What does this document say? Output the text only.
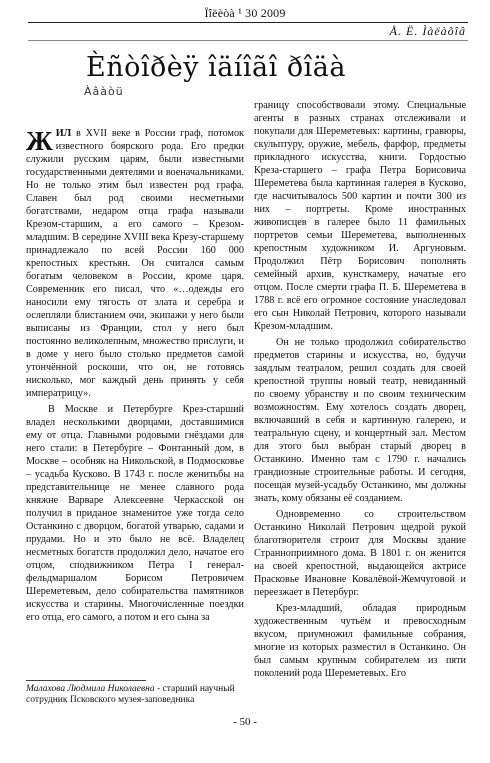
Ïîëèòà ¹ 30 2009
Å. Ë. Ìàëàõîâ
Èñòîðèÿ îäíîãî ðîäà
Àâàòü

ЖИЛ в XVII веке в России граф, потомок известного боярского рода. Его предки служили русским царям, были известными государственными деятелями и военачальниками. Но не только этим был известен род графа. Славен был род своими несметными богатствами, недаром отца графа называли Крезом-старшим, а его самого – Крезом-младшим. В середине XVIII века Крезу-старшему принадлежало по всей России 160 000 крепостных крестьян. Он считался самым богатым человеком в России, кроме царя. Современник его писал, что «…одежды его наносили ему тягость от злата и серебра и ослепляли блистанием очи, экипажи у него были выписаны из Франции, стол у него был постоянно великолепным, множество прислуги, и в доме у него было столько предметов самой утончённой роскоши, что он, не готовясь нисколько, мог каждый день принять у себя императрицу».

В Москве и Петербурге Крез-старший владел несколькими дворцами, доставшимися ему от отца. Главными родовыми гнёздами для него стали: в Петербурге – Фонтанный дом, в Москве – особняк на Никольской, в Подмосковье – усадьба Кусково. В 1743 г. после женитьбы на представительнице не менее славного рода княжне Варваре Алексеевне Черкасской он получил в приданое знаменитое уже тогда село Останкино с дворцом, богатой утварью, садами и прудами. Но и это было не всё. Владелец несметных богатств продолжил дело, начатое его отцом, сподвижником Петра I генерал-фельдмаршалом Борисом Петровичем Шереметевым, дело собирательства памятников искусства и старины. Многочисленные поездки его отца, его самого, а потом и его сына за

границу способствовали этому. Специальные агенты в разных странах отслеживали и покупали для Шереметевых: картины, гравюры, скульптуру, оружие, мебель, фарфор, предметы прикладного искусства, книги. Гордостью Креза-старшего – графа Петра Борисовича Шереметева была картинная галерея в Кусково, где насчитывалось 500 картин и почти 300 из них – портреты. Кроме иностранных живописцев в галерее было 11 фамильных портретов семьи Шереметева, выполненных крепостным художником И. Аргуновым. Продолжил Пётр Борисович пополнять семейный архив, кунсткамеру, начатые его отцом. После смерти графа П. Б. Шереметева в 1788 г. всё его огромное состояние унаследовал его сын Николай Петрович, которого называли Крезом-младшим.

Он не только продолжил собирательство предметов старины и искусства, но, будучи заядлым театралом, решил создать для своей крепостной труппы новый театр, невиданный по своему убранству и по своим техническим возможностям. Ему хотелось создать дворец, включавший в себя и картинную галерею, и театральную сцену, и концертный зал. Местом для этого был выбран старый дворец в Останкино. Именно там с 1790 г. начались грандиозные строительные работы. И сегодня, посещая музей-усадьбу Останкино, мы должны знать, кому обязаны её созданием.

Одновременно со строительством Останкино Николай Петрович щедрой рукой благотворителя строит для Москвы здание Странноприимного дома. В 1801 г. он женится на своей крепостной, выдающейся актрисе Прасковье Ивановне Ковалёвой-Жемчуговой и переезжает в Петербург.

Крез-младший, обладая природным художественным чутьём и превосходным вкусом, приумножил фамильные собрания, многие из которых разместил в Останкино. Он был самым крупным собирателем из пяти поколений рода Шереметевых. Его

Малахова Людмила Николаевна - старший научный сотрудник Псковского музея-заповедника
- 50 -
